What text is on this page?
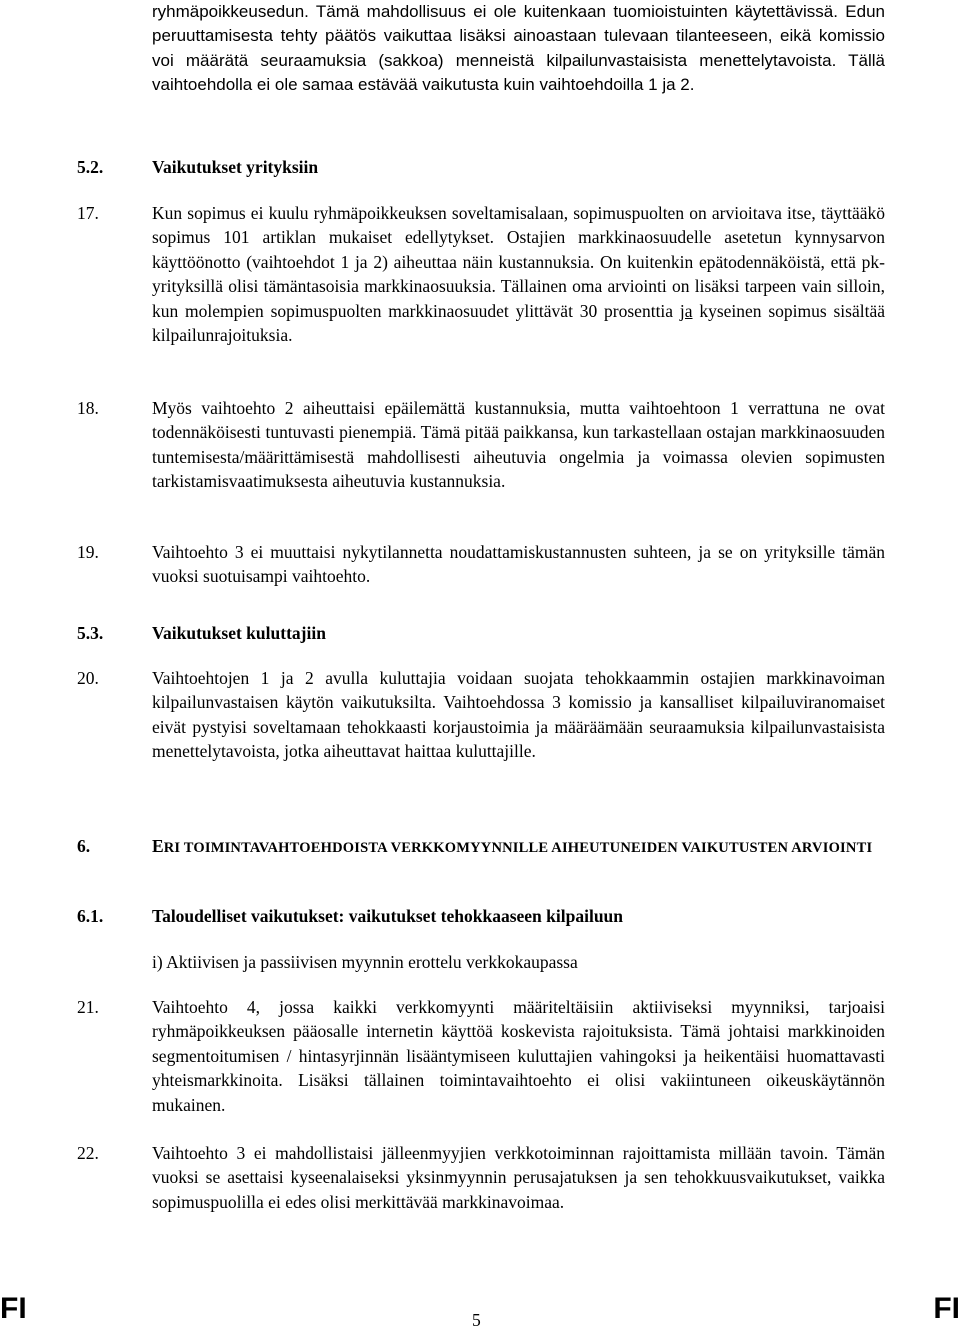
ryhmäpoikkeusedun. Tämä mahdollisuus ei ole kuitenkaan tuomioistuinten käytettävissä. Edun peruuttamisesta tehty päätös vaikuttaa lisäksi ainoastaan tulevaan tilanteeseen, eikä komissio voi määrätä seuraamuksia (sakkoa) menneistä kilpailunvastaisista menettelytavoista. Tällä vaihtoehdolla ei ole samaa estävää vaikutusta kuin vaihtoehdoilla 1 ja 2.
5.2.	Vaikutukset yrityksiin
17.	Kun sopimus ei kuulu ryhmäpoikkeuksen soveltamisalaan, sopimuspuolten on arvioitava itse, täyttääkö sopimus 101 artiklan mukaiset edellytykset. Ostajien markkinaosuudelle asetetun kynnysarvon käyttöönotto (vaihtoehdot 1 ja 2) aiheuttaa näin kustannuksia. On kuitenkin epätodennäköistä, että pk-yrityksillä olisi tämäntasoisia markkinaosuuksia. Tällainen oma arviointi on lisäksi tarpeen vain silloin, kun molempien sopimuspuolten markkinaosuudet ylittävät 30 prosenttia ja kyseinen sopimus sisältää kilpailunrajoituksia.
18.	Myös vaihtoehto 2 aiheuttaisi epäilemättä kustannuksia, mutta vaihtoehtoon 1 verrattuna ne ovat todennäköisesti tuntuvasti pienempiä. Tämä pitää paikkansa, kun tarkastellaan ostajan markkinaosuuden tuntemisesta/määrittämisestä mahdollisesti aiheutuvia ongelmia ja voimassa olevien sopimusten tarkistamisvaatimuksesta aiheutuvia kustannuksia.
19.	Vaihtoehto 3 ei muuttaisi nykytilannetta noudattamiskustannusten suhteen, ja se on yrityksille tämän vuoksi suotuisampi vaihtoehto.
5.3.	Vaikutukset kuluttajiin
20.	Vaihtoehtojen 1 ja 2 avulla kuluttajia voidaan suojata tehokkaammin ostajien markkinavoiman kilpailunvastaisen käytön vaikutuksilta. Vaihtoehdossa 3 komissio ja kansalliset kilpailuviranomaiset eivät pystyisi soveltamaan tehokkaasti korjaustoimia ja määräämään seuraamuksia kilpailunvastaisista menettelytavoista, jotka aiheuttavat haittaa kuluttajille.
6.	ERI TOIMINTAVAHTOEHDOISTA VERKKOMYYNNILLE AIHEUTUNEIDEN VAIKUTUSTEN ARVIOINTI
6.1.	Taloudelliset vaikutukset: vaikutukset tehokkaaseen kilpailuun
i) Aktiivisen ja passiivisen myynnin erottelu verkkokaupassa
21.	Vaihtoehto 4, jossa kaikki verkkomyynti määriteltäisiin aktiiviseksi myynniksi, tarjoaisi ryhmäpoikkeuksen pääosalle internetin käyttöä koskevista rajoituksista. Tämä johtaisi markkinoiden segmentoitumisen / hintasyrjinnän lisääntymiseen kuluttajien vahingoksi ja heikentäisi huomattavasti yhteismarkkinoita. Lisäksi tällainen toimintavaihtoehto ei olisi vakiintuneen oikeuskäytännön mukainen.
22.	Vaihtoehto 3 ei mahdollistaisi jälleenmyyjien verkkotoiminnan rajoittamista millään tavoin. Tämän vuoksi se asettaisi kyseenalaiseksi yksinmyynnin perusajatuksen ja sen tehokkuusvaikutukset, vaikka sopimuspuolilla ei edes olisi merkittävää markkinavoimaa.
FI	5	FI
